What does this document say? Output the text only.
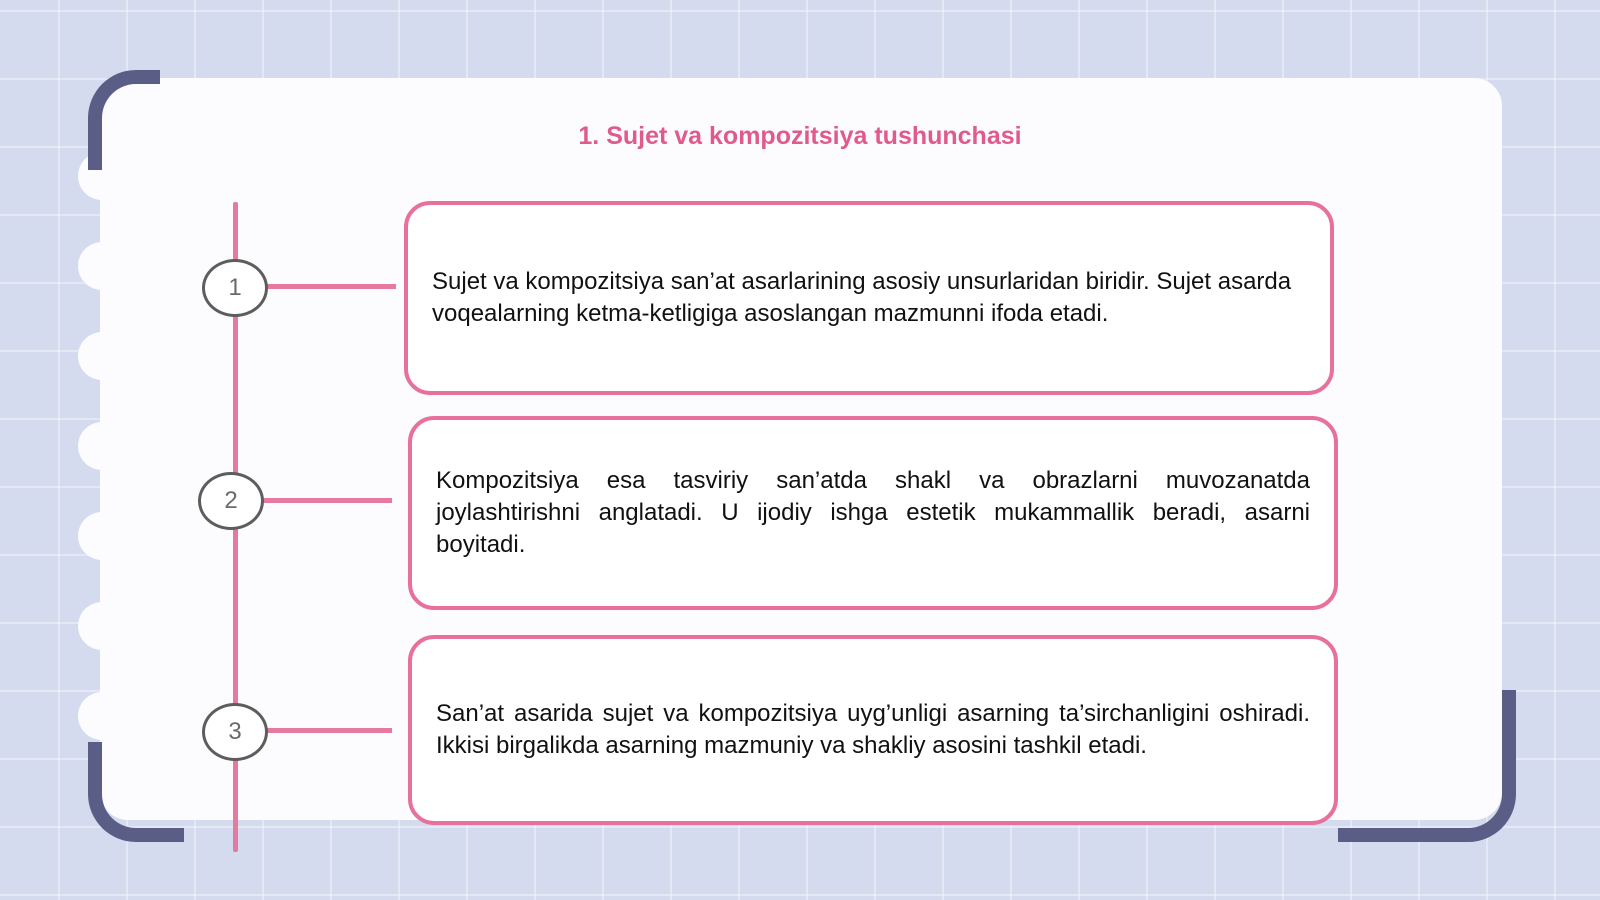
1. Sujet va kompozitsiya tushunchasi
1	Sujet va kompozitsiya san’at asarlarining asosiy unsurlaridan biridir. Sujet asarda voqealarning ketma-ketligiga asoslangan mazmunni ifoda etadi.

2

Kompozitsiya esa tasviriy san’atda shakl va obrazlarni muvozanatda joylashtirishni anglatadi. U ijodiy ishga estetik mukammallik beradi, asarni boyitadi.

3

San’at asarida sujet va kompozitsiya uyg’unligi asarning ta’sirchanligini oshiradi. Ikkisi birgalikda asarning mazmuniy va shakliy asosini tashkil etadi.
